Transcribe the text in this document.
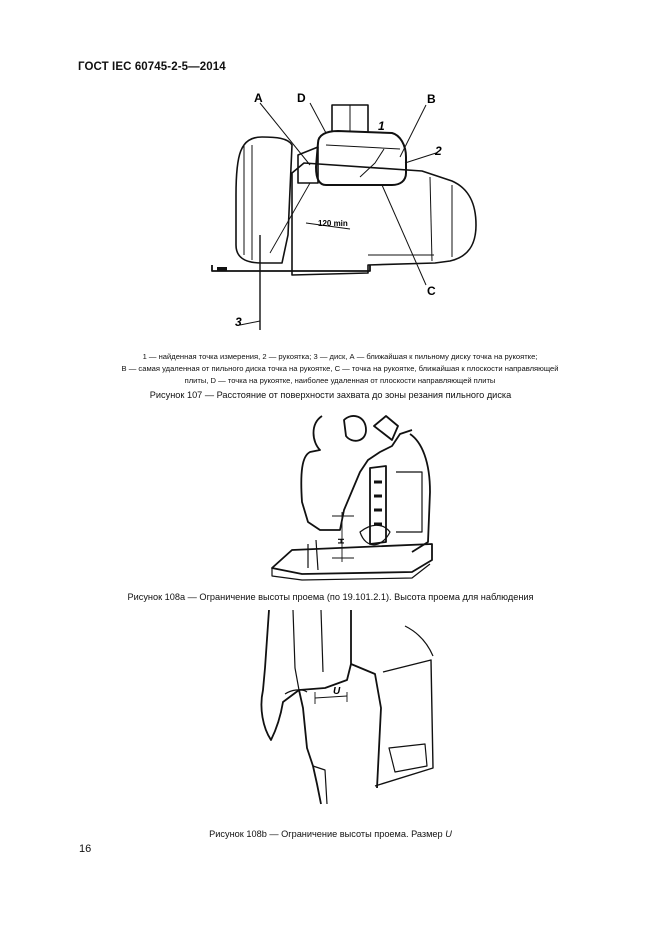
ГОСТ IEC 60745-2-5—2014
A	D	B
C
1
2
3
120 min
1 — найденная точка измерения, 2 — рукоятка; 3 — диск, А — ближайшая к пильному диску точка на рукоятке;
В — самая удаленная от пильного диска точка на рукоятке, С — точка на рукоятке, ближайшая к плоскости направляющей
плиты, D — точка на рукоятке, наиболее удаленная от плоскости направляющей плиты
Рисунок 107 — Расстояние от поверхности захвата до зоны резания пильного диска
H
Рисунок 108a — Ограничение высоты проема (по 19.101.2.1). Высота проема для наблюдения
U
Рисунок 108b — Ограничение высоты проема. Размер U
16
